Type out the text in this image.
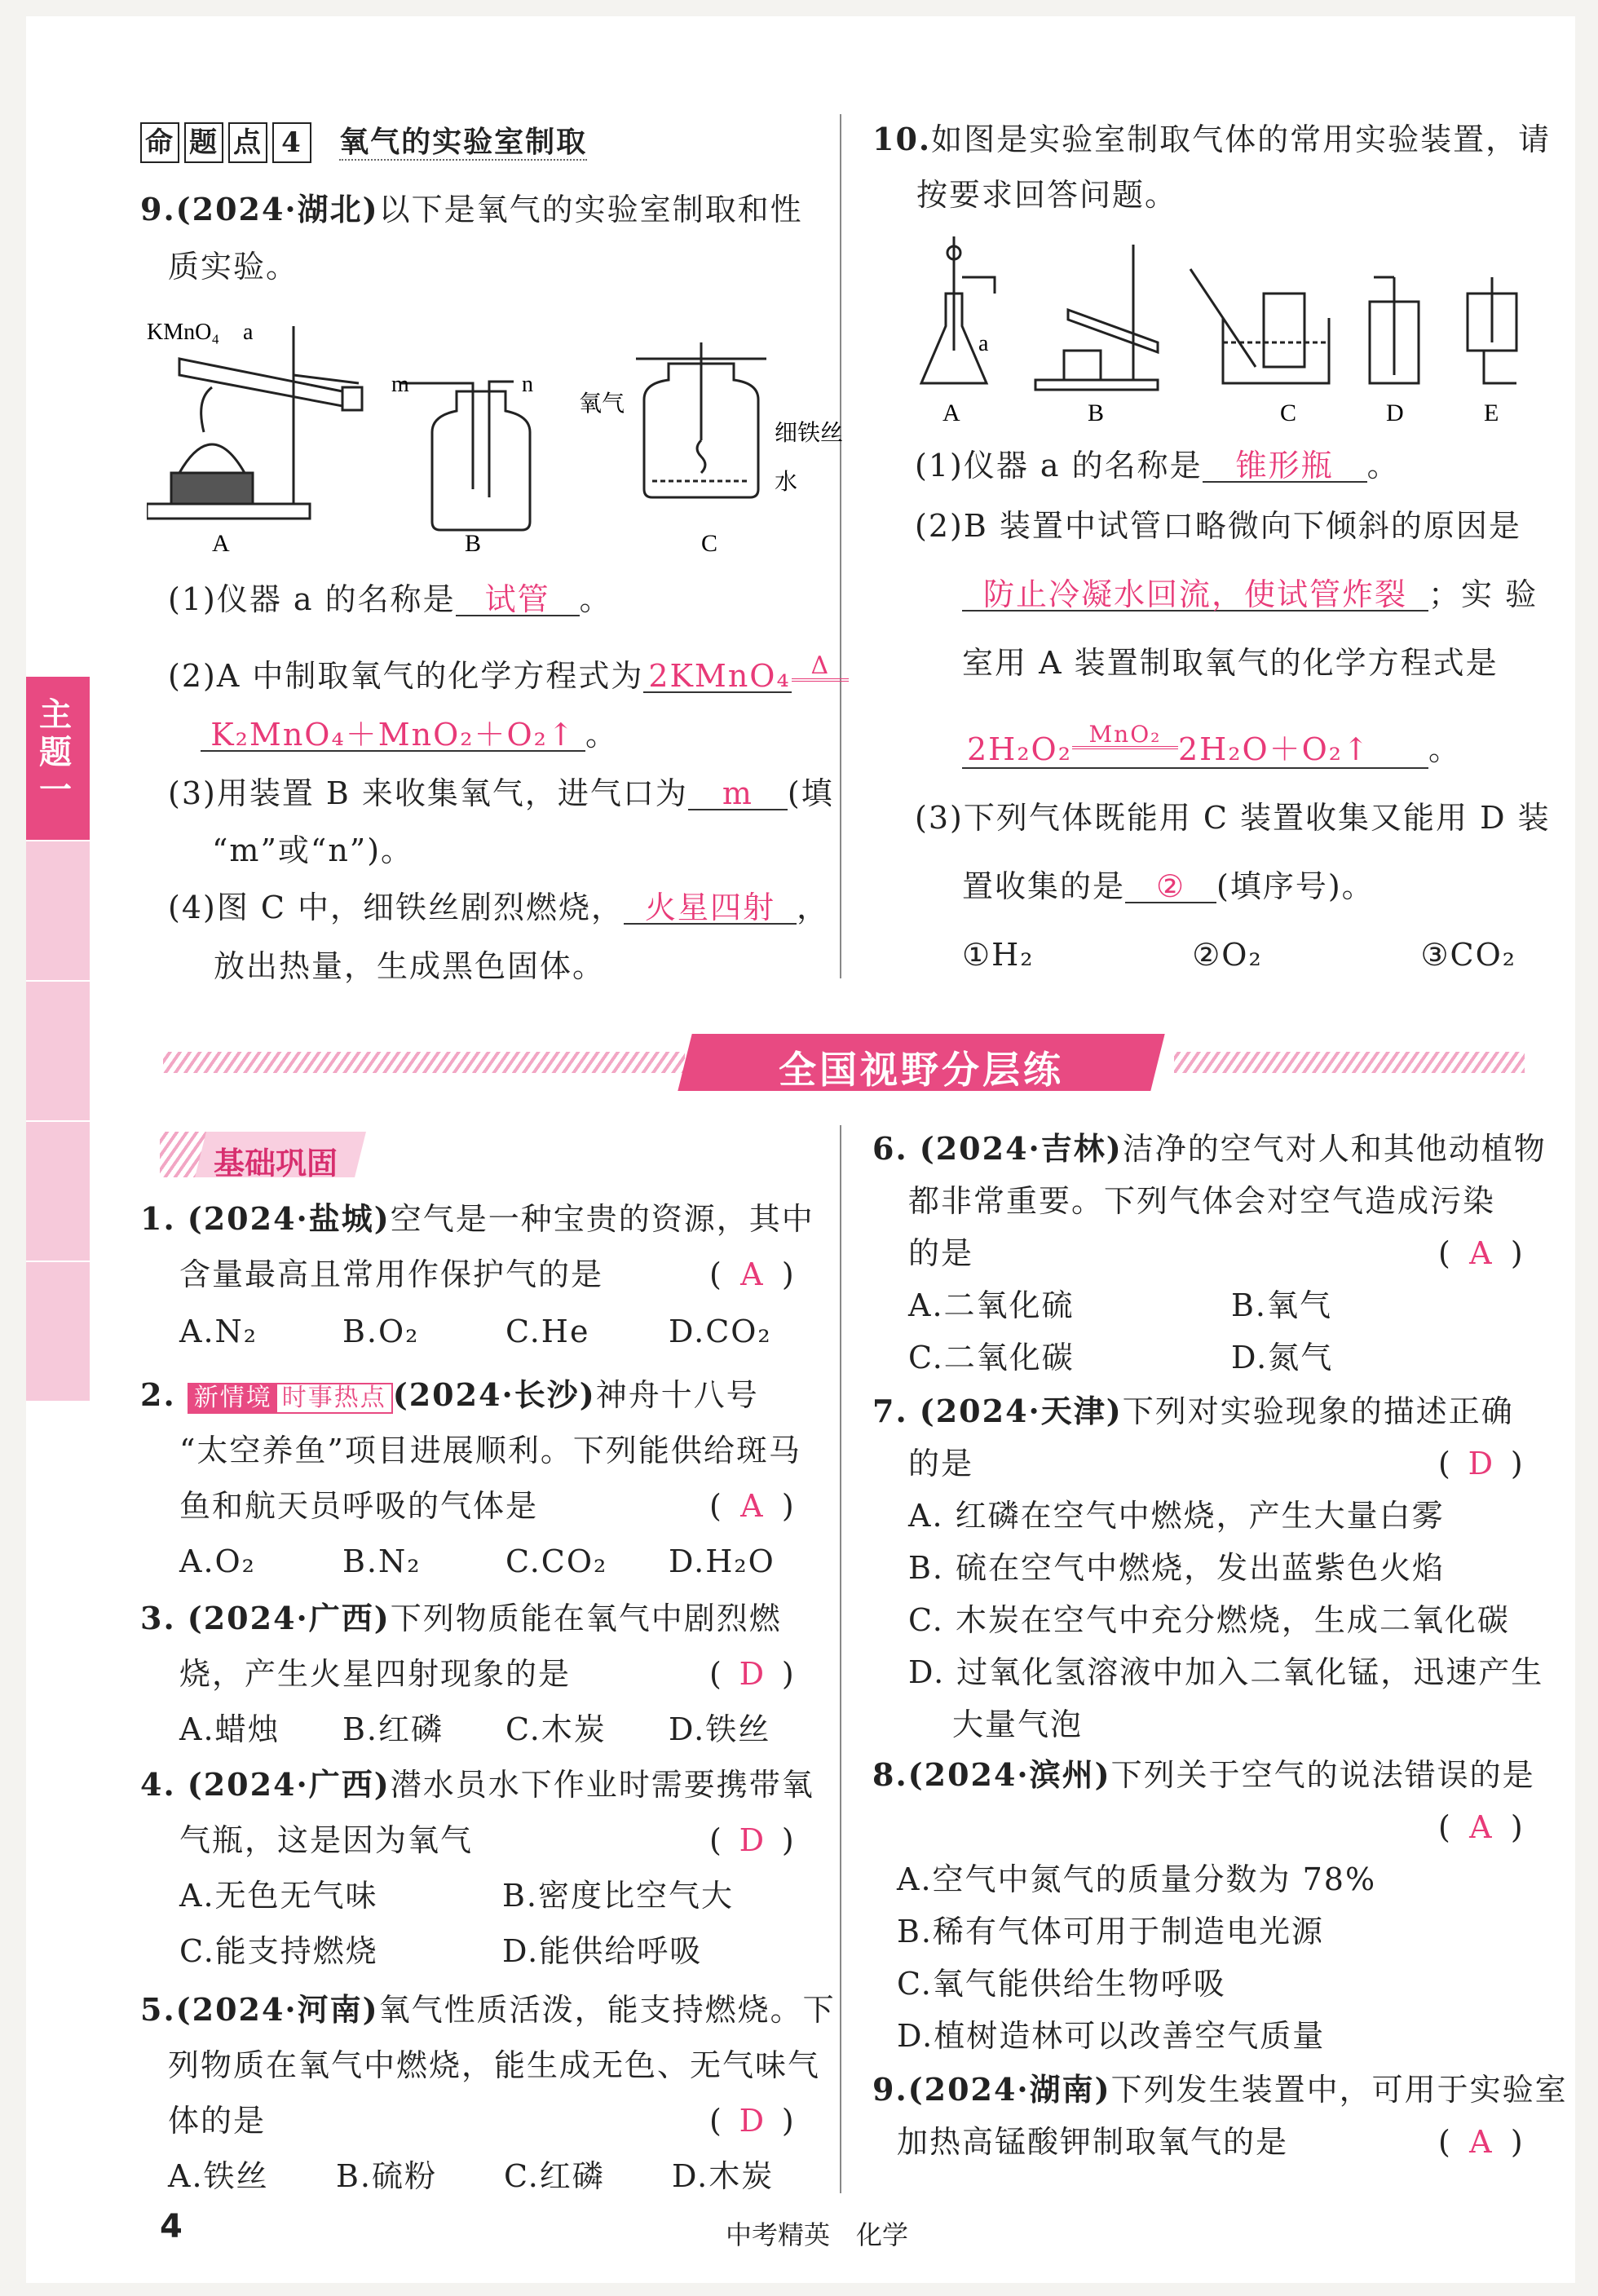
主
题
一
命 题 点 4 氧气的实验室制取
9.(2024·湖北)以下是氧气的实验室制取和性
质实验。
KMnO₄ a
m	n
氧气
细铁丝
水
A	B	C
(1)仪器 a 的名称是 试管 。
(2)A 中制取氧气的化学方程式为 2KMnO₄ Δ
K₂MnO₄＋MnO₂＋O₂↑ 。
(3)用装置 B 来收集氧气，进气口为 m (填
“m”或“n”)。
(4)图 C 中，细铁丝剧烈燃烧， 火星四射 ，
放出热量，生成黑色固体。
10.如图是实验室制取气体的常用实验装置，请
按要求回答问题。
a
A	B	C	D	E
(1)仪器 a 的名称是 锥形瓶 。
(2)B 装置中试管口略微向下倾斜的原因是
防止冷凝水回流，使试管炸裂 ；实 验
室用 A 装置制取氧气的化学方程式是
2H₂O₂ MnO₂ 2H₂O＋O₂↑ 。
(3)下列气体既能用 C 装置收集又能用 D 装
置收集的是 ② (填序号)。
①H₂	②O₂	③CO₂
全国视野分层练
基础巩固
1. (2024·盐城)空气是一种宝贵的资源，其中
含量最高且常用作保护气的是	( A )
A.N₂	B.O₂	C.He	D.CO₂
2. 新情境 时事热点 (2024·长沙)神舟十八号
“太空养鱼”项目进展顺利。下列能供给斑马
鱼和航天员呼吸的气体是	( A )
A.O₂	B.N₂	C.CO₂ D.H₂O
3. (2024·广西)下列物质能在氧气中剧烈燃
烧，产生火星四射现象的是	( D )
A.蜡烛 B.红磷 C.木炭 D.铁丝
4. (2024·广西)潜水员水下作业时需要携带氧
气瓶，这是因为氧气	( D )
A.无色无气味	B.密度比空气大
C.能支持燃烧	D.能供给呼吸
5.(2024·河南)氧气性质活泼，能支持燃烧。下
列物质在氧气中燃烧，能生成无色、无气味气
体的是	( D )
A.铁丝 B.硫粉 C.红磷 D.木炭
6. (2024·吉林)洁净的空气对人和其他动植物
都非常重要。下列气体会对空气造成污染
的是	( A )
A.二氧化硫	B.氧气
C.二氧化碳	D.氮气
7. (2024·天津)下列对实验现象的描述正确
的是	( D )
A. 红磷在空气中燃烧，产生大量白雾
B. 硫在空气中燃烧，发出蓝紫色火焰
C. 木炭在空气中充分燃烧，生成二氧化碳
D. 过氧化氢溶液中加入二氧化锰，迅速产生
大量气泡
8.(2024·滨州)下列关于空气的说法错误的是
( A )
A.空气中氮气的质量分数为 78%
B.稀有气体可用于制造电光源
C.氧气能供给生物呼吸
D.植树造林可以改善空气质量
9.(2024·湖南)下列发生装置中，可用于实验室
加热高锰酸钾制取氧气的是	( A )
4	中考精英　化学
